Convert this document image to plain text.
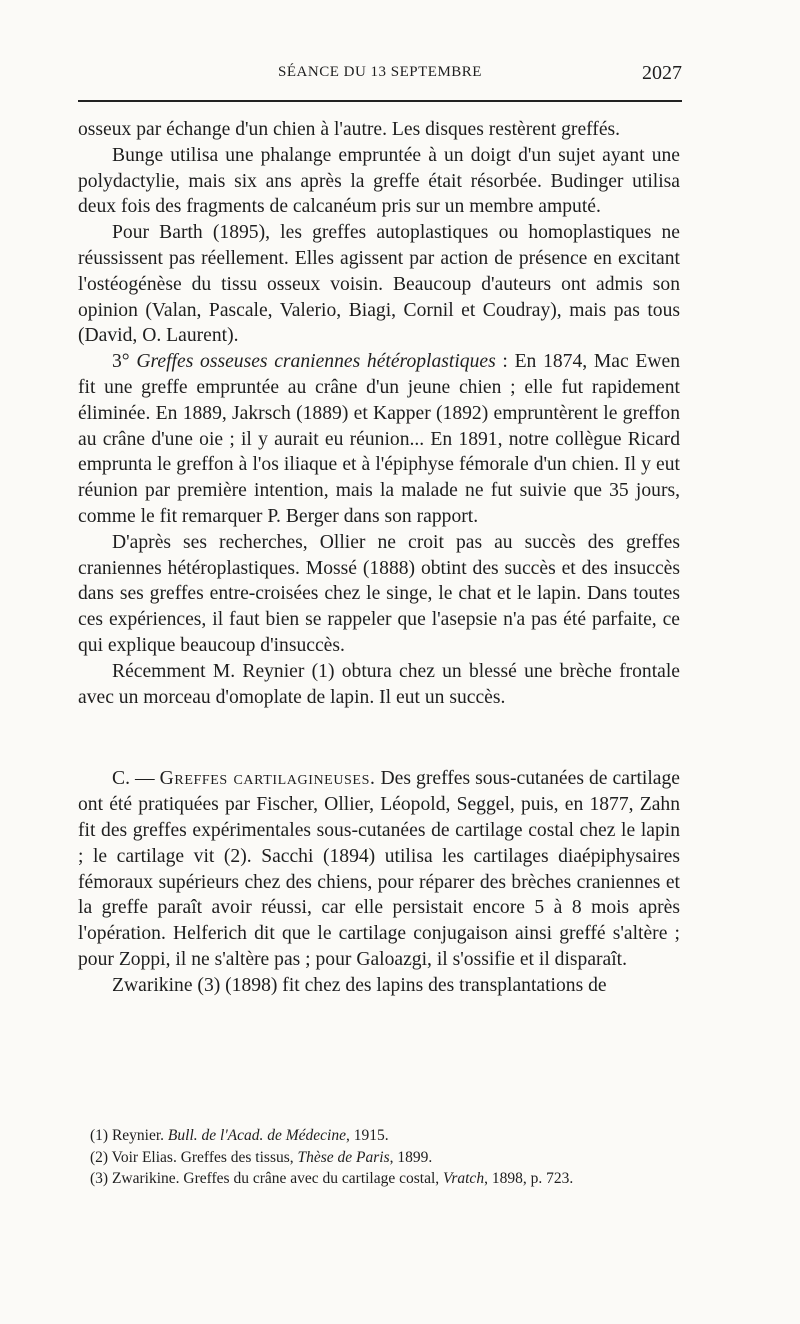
SÉANCE DU 13 SEPTEMBRE	2027

osseux par échange d'un chien à l'autre. Les disques restèrent greffés.

Bunge utilisa une phalange empruntée à un doigt d'un sujet ayant une polydactylie, mais six ans après la greffe était résorbée. Budinger utilisa deux fois des fragments de calcanéum pris sur un membre amputé.

Pour Barth (1895), les greffes autoplastiques ou homoplastiques ne réussissent pas réellement. Elles agissent par action de présence en excitant l'ostéogénèse du tissu osseux voisin. Beaucoup d'auteurs ont admis son opinion (Valan, Pascale, Valerio, Biagi, Cornil et Coudray), mais pas tous (David, O. Laurent).

3° Greffes osseuses craniennes hétéroplastiques : En 1874, Mac Ewen fit une greffe empruntée au crâne d'un jeune chien ; elle fut rapidement éliminée. En 1889, Jakrsch (1889) et Kapper (1892) empruntèrent le greffon au crâne d'une oie ; il y aurait eu réunion... En 1891, notre collègue Ricard emprunta le greffon à l'os iliaque et à l'épiphyse fémorale d'un chien. Il y eut réunion par première intention, mais la malade ne fut suivie que 35 jours, comme le fit remarquer P. Berger dans son rapport.

D'après ses recherches, Ollier ne croit pas au succès des greffes craniennes hétéroplastiques. Mossé (1888) obtint des succès et des insuccès dans ses greffes entre-croisées chez le singe, le chat et le lapin. Dans toutes ces expériences, il faut bien se rappeler que l'asepsie n'a pas été parfaite, ce qui explique beaucoup d'insuccès.

Récemment M. Reynier (1) obtura chez un blessé une brèche frontale avec un morceau d'omoplate de lapin. Il eut un succès.

C. — Greffes cartilagineuses. Des greffes sous-cutanées de cartilage ont été pratiquées par Fischer, Ollier, Léopold, Seggel, puis, en 1877, Zahn fit des greffes expérimentales sous-cutanées de cartilage costal chez le lapin ; le cartilage vit (2). Sacchi (1894) utilisa les cartilages diaépiphysaires fémoraux supérieurs chez des chiens, pour réparer des brèches craniennes et la greffe paraît avoir réussi, car elle persistait encore 5 à 8 mois après l'opération. Helferich dit que le cartilage conjugaison ainsi greffé s'altère ; pour Zoppi, il ne s'altère pas ; pour Galoazgi, il s'ossifie et il disparaît.

Zwarikine (3) (1898) fit chez des lapins des transplantations de

(1) Reynier. Bull. de l'Acad. de Médecine, 1915.

(2) Voir Elias. Greffes des tissus, Thèse de Paris, 1899.

(3) Zwarikine. Greffes du crâne avec du cartilage costal, Vratch, 1898, p. 723.
